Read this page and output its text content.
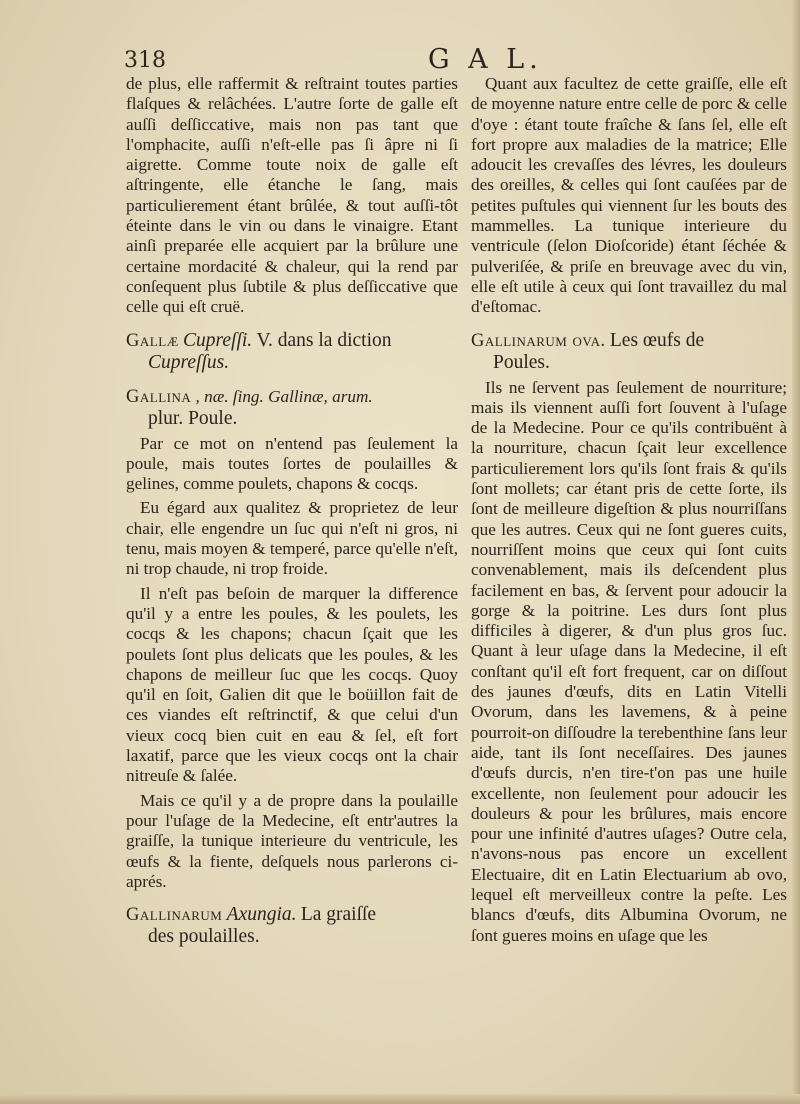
318	G A L.

de plus, elle raffermit & reſtraint toutes parties flaſques & relâchées. L'autre ſorte de galle eſt auſſi deſſiccative, mais non pas tant que l'omphacite, auſſi n'eſt-elle pas ſi âpre ni ſi aigrette. Comme toute noix de galle eſt aſtringente, elle étanche le ſang, mais particulierement étant brûlée, & tout auſſi-tôt éteinte dans le vin ou dans le vinaigre. Etant ainſi preparée elle acquiert par la brûlure une certaine mordacité & chaleur, qui la rend par conſequent plus ſubtile & plus deſſiccative que celle qui eſt cruë.

Gallæ Cupreſſi. V. dans la diction
Cupreſſus.
Gallina , næ. ſing. Gallinæ, arum.
plur. Poule.

Par ce mot on n'entend pas ſeulement la poule, mais toutes ſortes de poulailles & gelines, comme poulets, chapons & cocqs.

Eu égard aux qualitez & proprietez de leur chair, elle engendre un ſuc qui n'eſt ni gros, ni tenu, mais moyen & temperé, parce qu'elle n'eſt, ni trop chaude, ni trop froide.

Il n'eſt pas beſoin de marquer la difference qu'il y a entre les poules, & les poulets, les cocqs & les chapons; chacun ſçait que les poulets ſont plus delicats que les poules, & les chapons de meilleur ſuc que les cocqs. Quoy qu'il en ſoit, Galien dit que le boüillon fait de ces viandes eſt reſtrinctif, & que celui d'un vieux cocq bien cuit en eau & ſel, eſt fort laxatif, parce que les vieux cocqs ont la chair nitreuſe & ſalée.

Mais ce qu'il y a de propre dans la poulaille pour l'uſage de la Medecine, eſt entr'autres la graiſſe, la tunique interieure du ventricule, les œufs & la fiente, deſquels nous parlerons ci-aprés.

Gallinarum Axungia. La graiſſe
des poulailles.

Quant aux facultez de cette graiſſe, elle eſt de moyenne nature entre celle de porc & celle d'oye : étant toute fraîche & ſans ſel, elle eſt fort propre aux maladies de la matrice; Elle adoucit les crevaſſes des lévres, les douleurs des oreilles, & celles qui ſont cauſées par de petites puſtules qui viennent ſur les bouts des mammelles. La tunique interieure du ventricule (ſelon Dioſcoride) étant ſéchée & pulveriſée, & priſe en breuvage avec du vin, elle eſt utile à ceux qui ſont travaillez du mal d'eſtomac.

Gallinarum ova. Les œufs de
Poules.

Ils ne ſervent pas ſeulement de nourriture; mais ils viennent auſſi fort ſouvent à l'uſage de la Medecine. Pour ce qu'ils contribuënt à la nourriture, chacun ſçait leur excellence particulierement lors qu'ils ſont frais & qu'ils ſont mollets; car étant pris de cette ſorte, ils ſont de meilleure digeſtion & plus nourriſſans que les autres. Ceux qui ne ſont gueres cuits, nourriſſent moins que ceux qui ſont cuits convenablement, mais ils deſcendent plus facilement en bas, & ſervent pour adoucir la gorge & la poitrine. Les durs ſont plus difficiles à digerer, & d'un plus gros ſuc. Quant à leur uſage dans la Medecine, il eſt conſtant qu'il eſt fort frequent, car on diſſout des jaunes d'œufs, dits en Latin Vitelli Ovorum, dans les lavemens, & à peine pourroit-on diſſoudre la terebenthine ſans leur aide, tant ils ſont neceſſaires. Des jaunes d'œufs durcis, n'en tire-t'on pas une huile excellente, non ſeulement pour adoucir les douleurs & pour les brûlures, mais encore pour une infinité d'autres uſages? Outre cela, n'avons-nous pas encore un excellent Electuaire, dit en Latin Electuarium ab ovo, lequel eſt merveilleux contre la peſte. Les blancs d'œufs, dits Albumina Ovorum, ne ſont gueres moins en uſage que les
